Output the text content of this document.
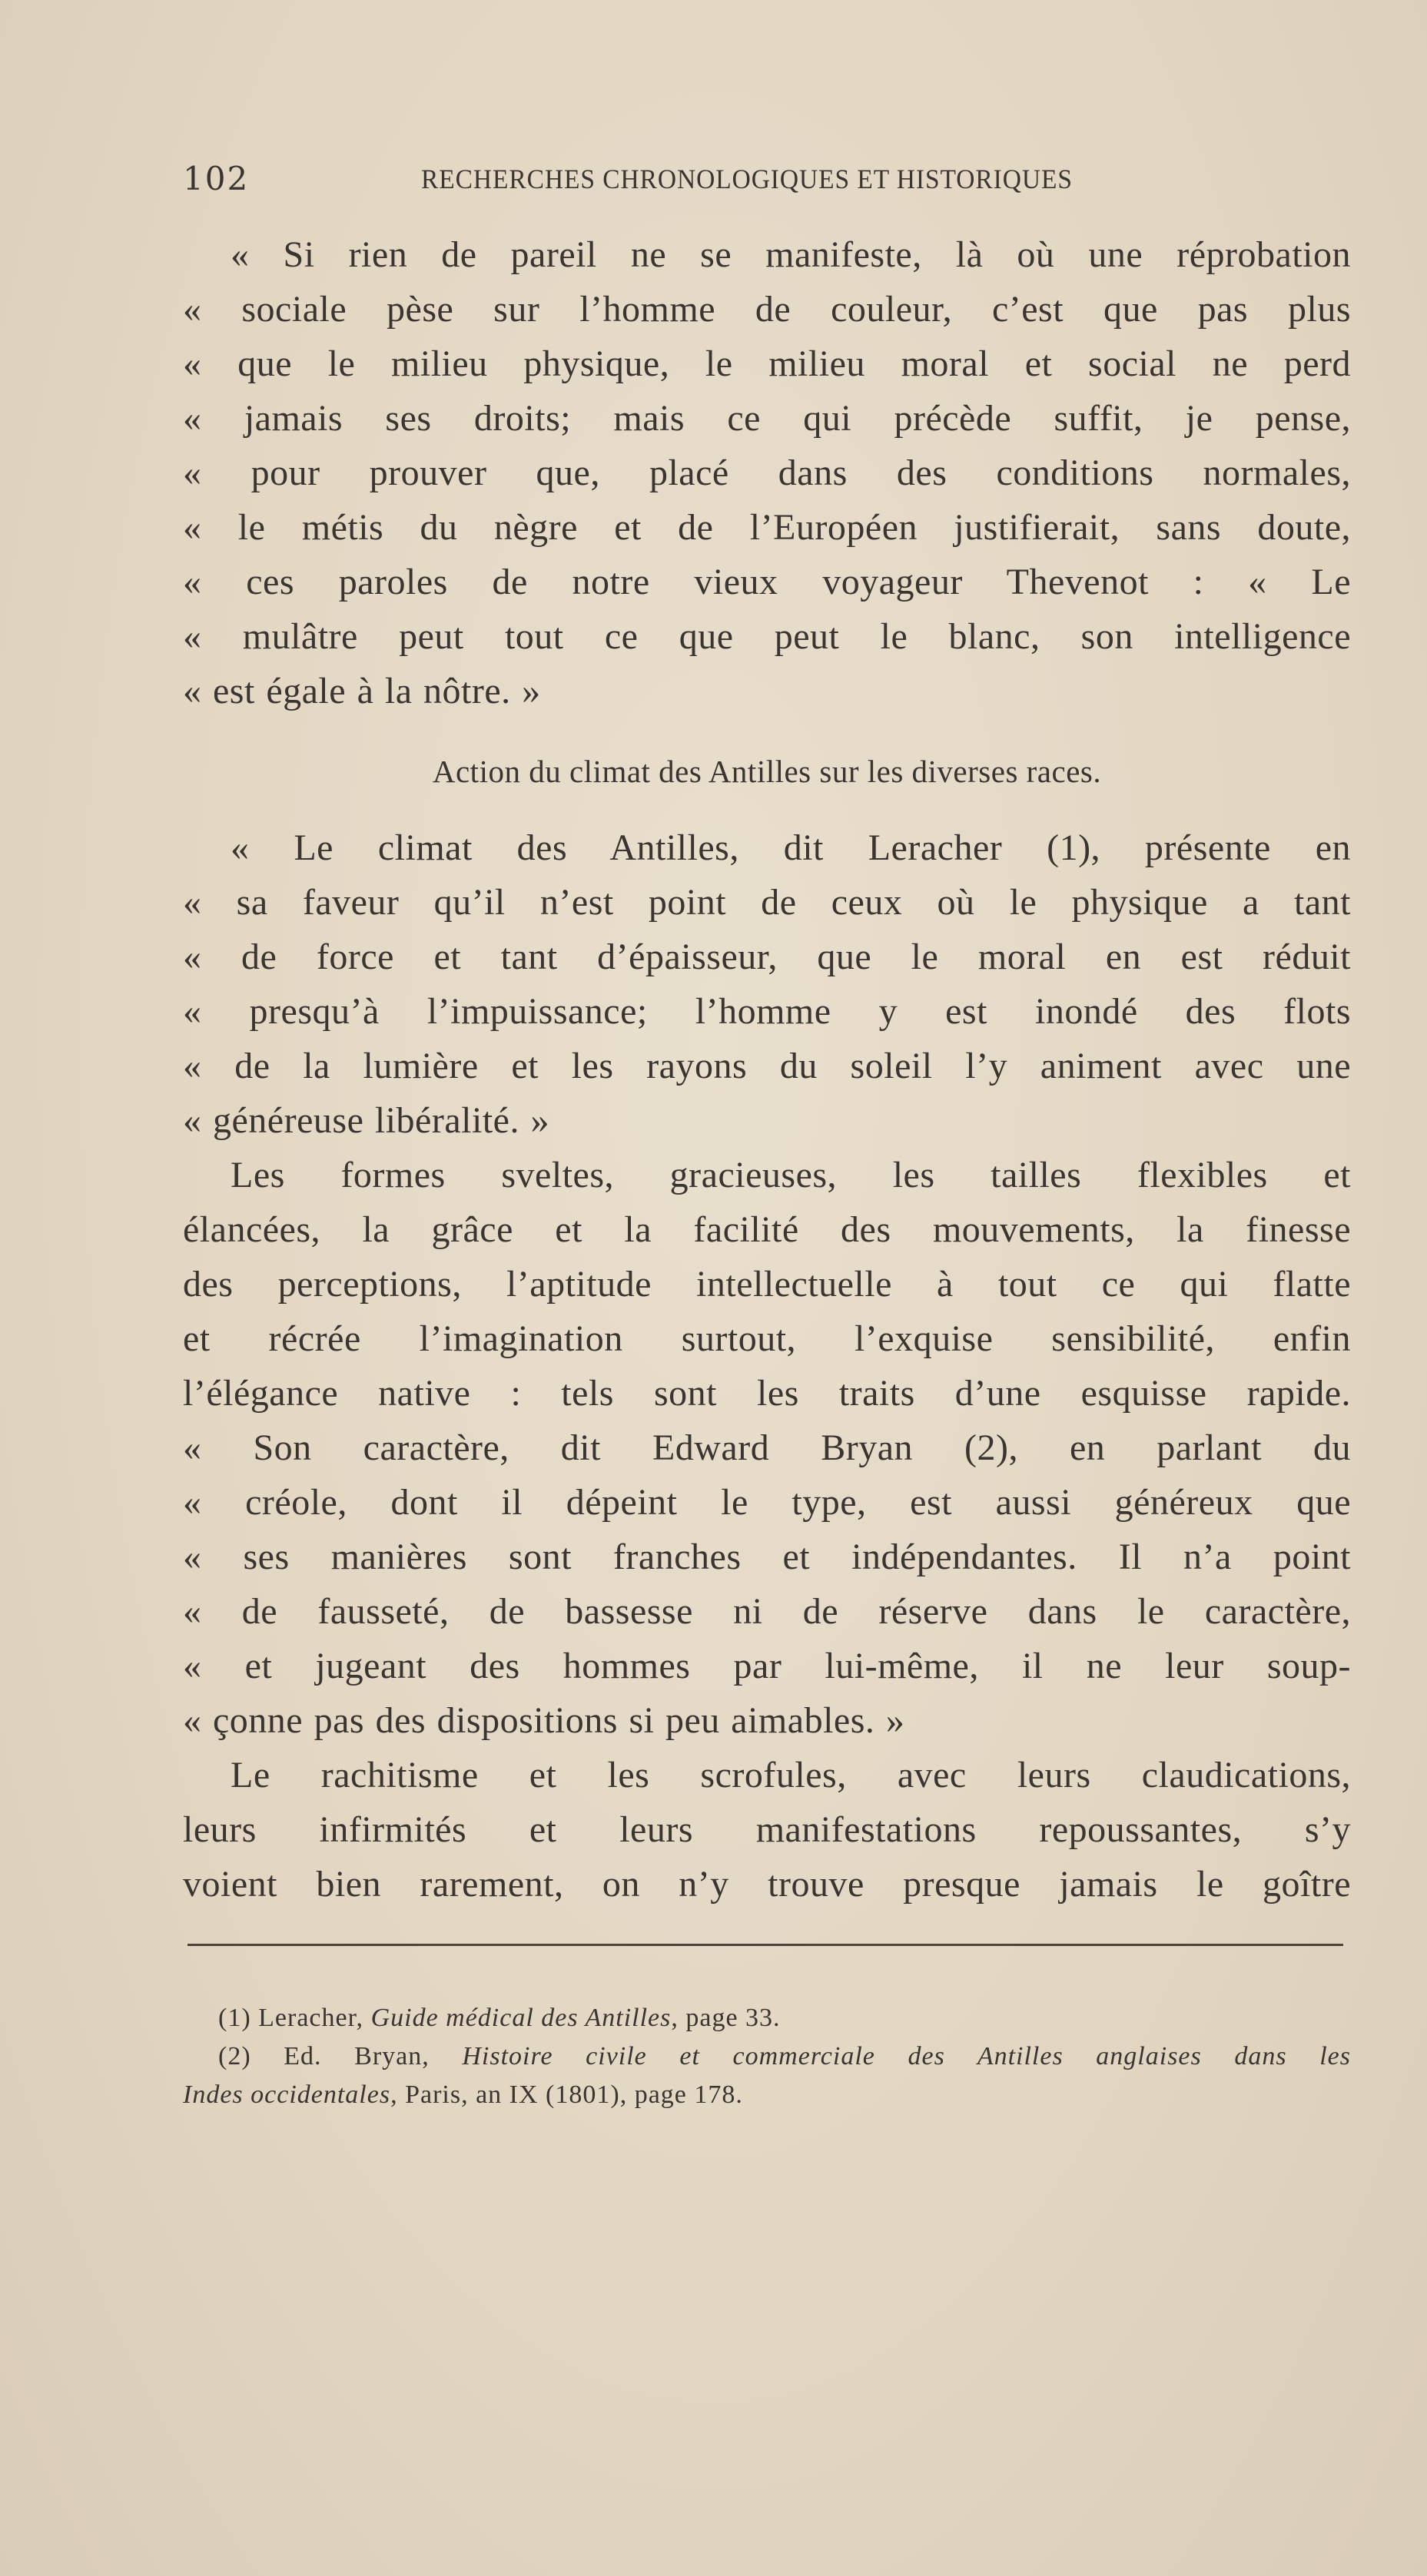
102	RECHERCHES CHRONOLOGIQUES ET HISTORIQUES
« Si rien de pareil ne se manifeste, là où une réprobation
« sociale pèse sur l’homme de couleur, c’est que pas plus
« que le milieu physique, le milieu moral et social ne perd
« jamais ses droits; mais ce qui précède suffit, je pense,
« pour prouver que, placé dans des conditions normales,
« le métis du nègre et de l’Européen justifierait, sans doute,
« ces paroles de notre vieux voyageur Thevenot : « Le
« mulâtre peut tout ce que peut le blanc, son intelligence
« est égale à la nôtre. »
Action du climat des Antilles sur les diverses races.
« Le climat des Antilles, dit Leracher (1), présente en
« sa faveur qu’il n’est point de ceux où le physique a tant
« de force et tant d’épaisseur, que le moral en est réduit
« presqu’à l’impuissance; l’homme y est inondé des flots
« de la lumière et les rayons du soleil l’y animent avec une
« généreuse libéralité. »
Les formes sveltes, gracieuses, les tailles flexibles et
élancées, la grâce et la facilité des mouvements, la finesse
des perceptions, l’aptitude intellectuelle à tout ce qui flatte
et récrée l’imagination surtout, l’exquise sensibilité, enfin
l’élégance native : tels sont les traits d’une esquisse rapide.
« Son caractère, dit Edward Bryan (2), en parlant du
« créole, dont il dépeint le type, est aussi généreux que
« ses manières sont franches et indépendantes. Il n’a point
« de fausseté, de bassesse ni de réserve dans le caractère,
« et jugeant des hommes par lui-même, il ne leur soup-
« çonne pas des dispositions si peu aimables. »
Le rachitisme et les scrofules, avec leurs claudications,
leurs infirmités et leurs manifestations repoussantes, s’y
voient bien rarement, on n’y trouve presque jamais le goître
(1) Leracher, Guide médical des Antilles, page 33.
(2) Ed. Bryan, Histoire civile et commerciale des Antilles anglaises dans les
Indes occidentales, Paris, an IX (1801), page 178.
